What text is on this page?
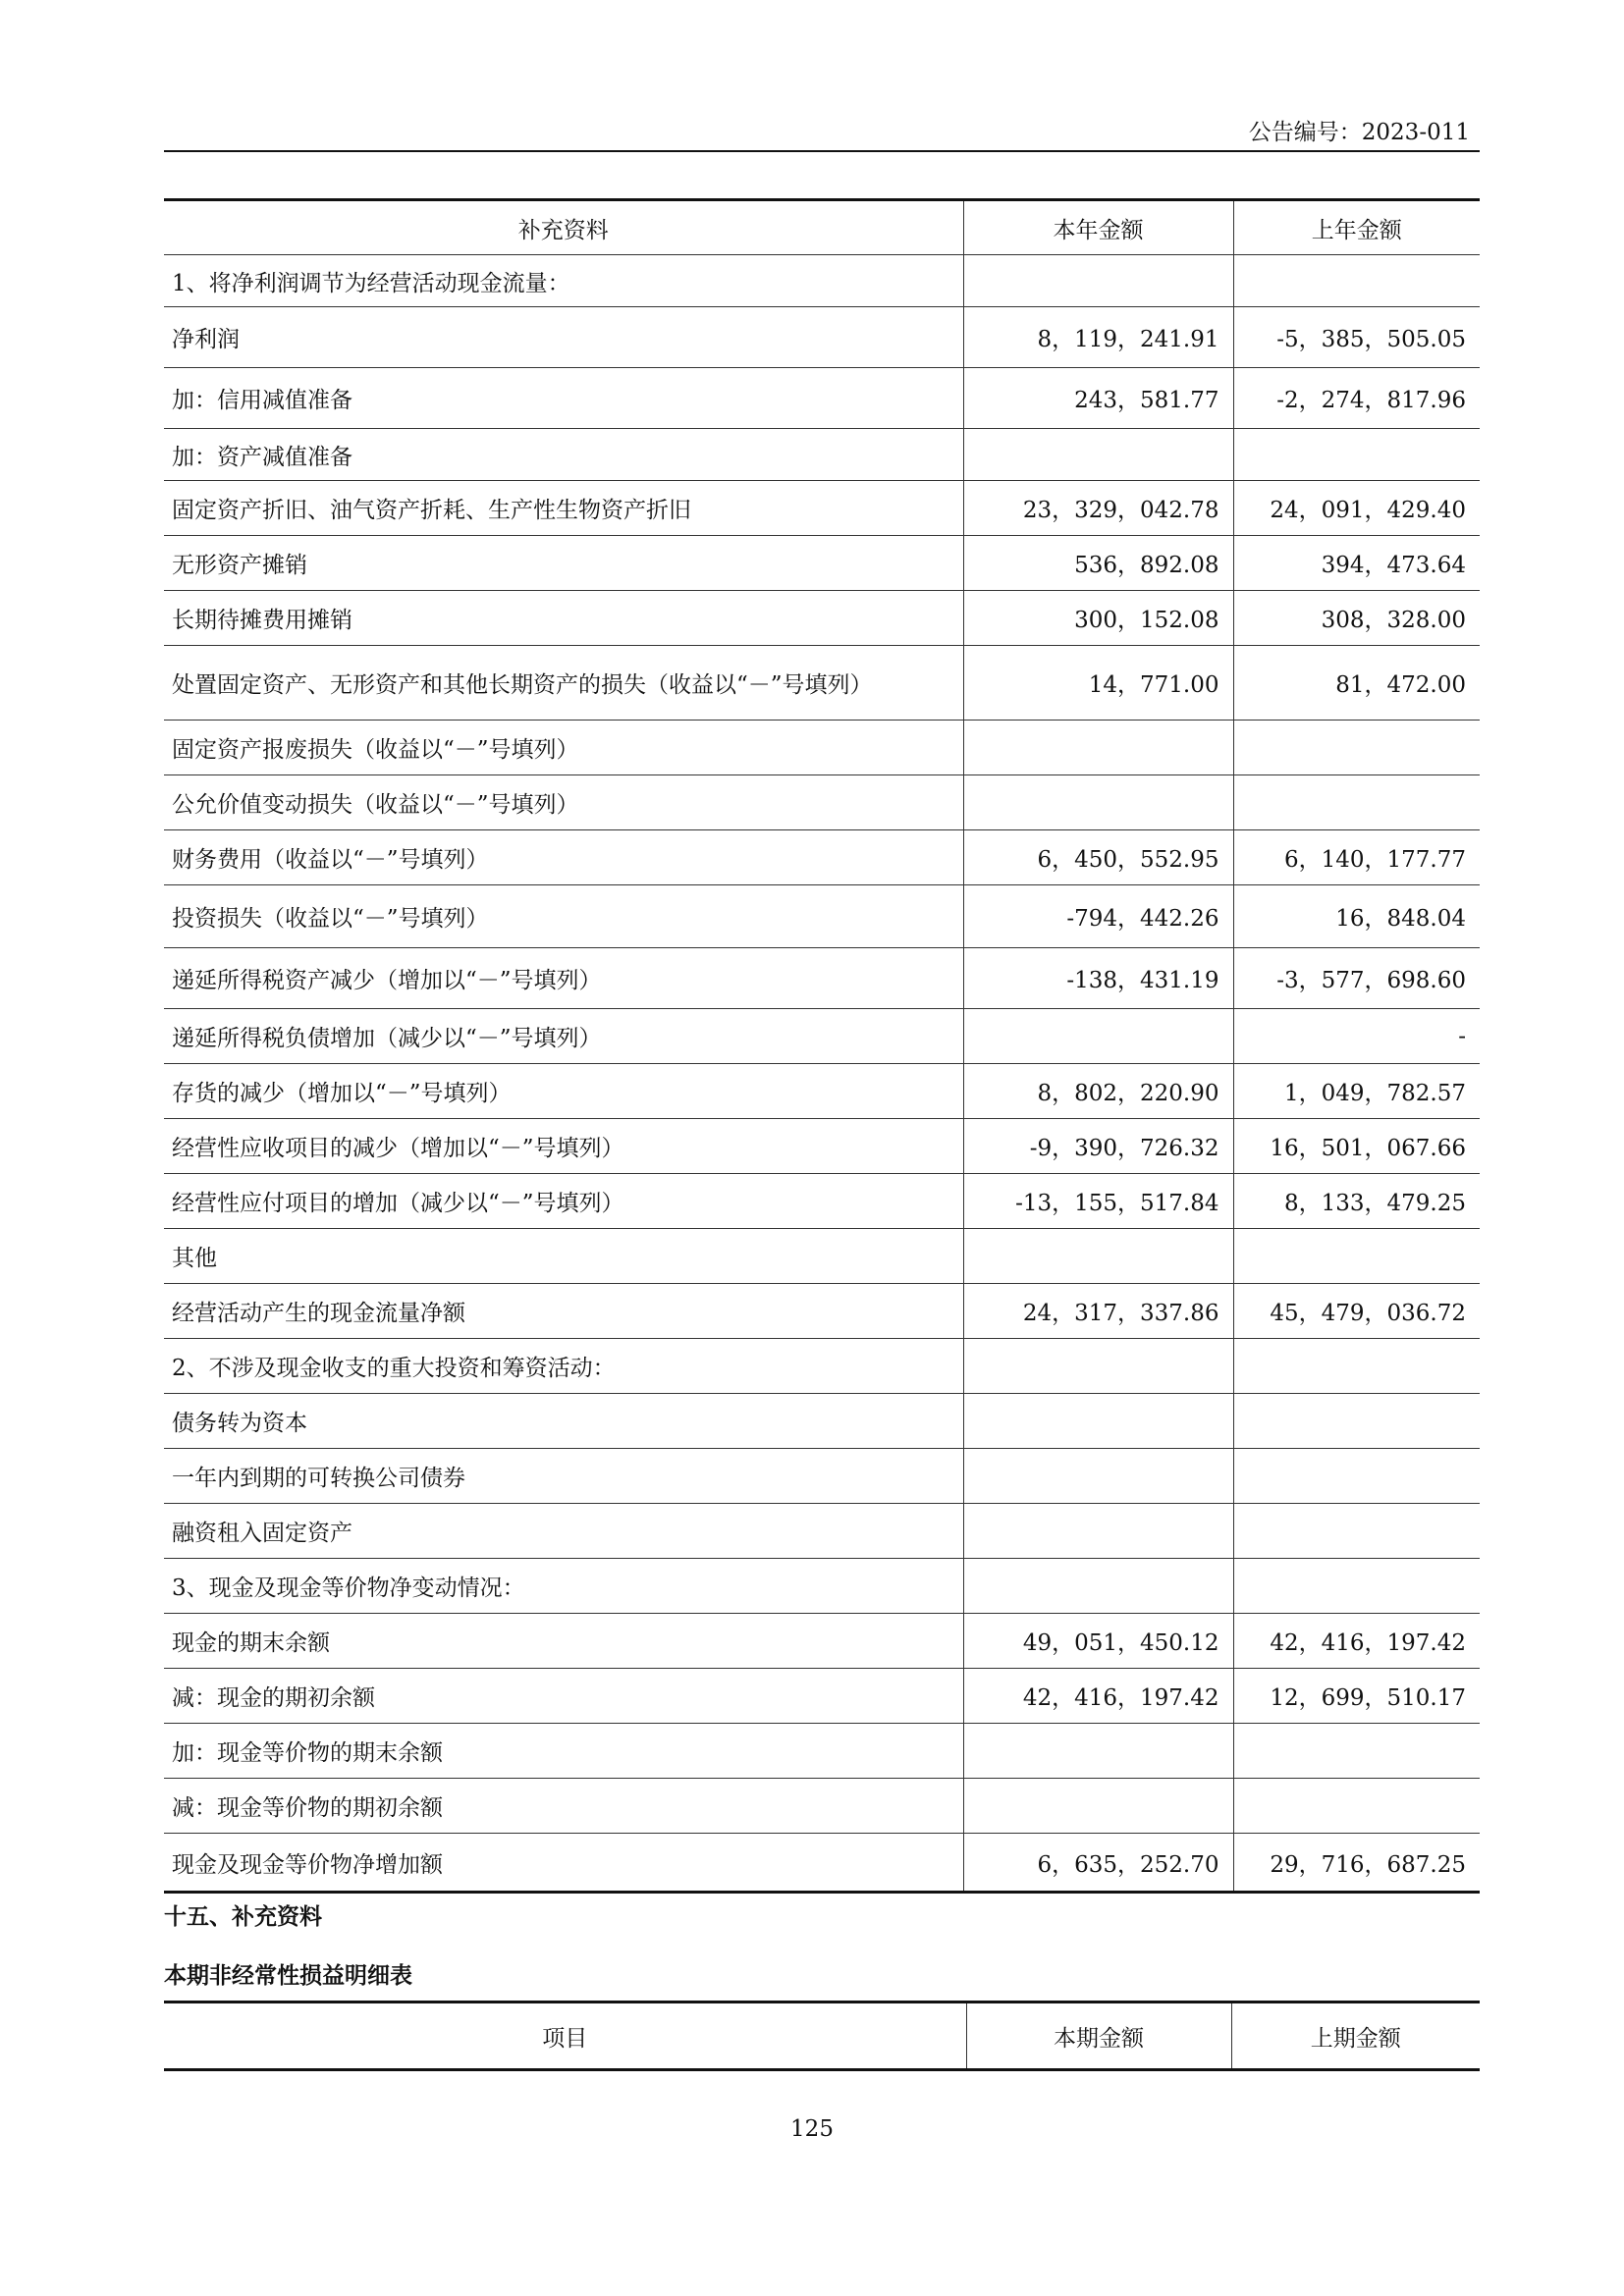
公告编号：2023-011
补充资料	本年金额	上年金额
1、将净利润调节为经营活动现金流量：		
净利润	8，119，241.91	-5，385，505.05
加：信用减值准备	243，581.77	-2，274，817.96
加：资产减值准备		
固定资产折旧、油气资产折耗、生产性生物资产折旧	23，329，042.78	24，091，429.40
无形资产摊销	536，892.08	394，473.64
长期待摊费用摊销	300，152.08	308，328.00
处置固定资产、无形资产和其他长期资产的损失（收益以“－”号填列）	14，771.00	81，472.00
固定资产报废损失（收益以“－”号填列）		
公允价值变动损失（收益以“－”号填列）		
财务费用（收益以“－”号填列）	6，450，552.95	6，140，177.77
投资损失（收益以“－”号填列）	-794，442.26	16，848.04
递延所得税资产减少（增加以“－”号填列）	-138，431.19	-3，577，698.60
递延所得税负债增加（减少以“－”号填列）		-
存货的减少（增加以“－”号填列）	8，802，220.90	1，049，782.57
经营性应收项目的减少（增加以“－”号填列）	-9，390，726.32	16，501，067.66
经营性应付项目的增加（减少以“－”号填列）	-13，155，517.84	8，133，479.25
其他		
经营活动产生的现金流量净额	24，317，337.86	45，479，036.72
2、不涉及现金收支的重大投资和筹资活动：		
债务转为资本		
一年内到期的可转换公司债券		
融资租入固定资产		
3、现金及现金等价物净变动情况：		
现金的期末余额	49，051，450.12	42，416，197.42
减：现金的期初余额	42，416，197.42	12，699，510.17
加：现金等价物的期末余额		
减：现金等价物的期初余额		
现金及现金等价物净增加额	6，635，252.70	29，716，687.25
十五、补充资料
本期非经常性损益明细表
项目	本期金额	上期金额
125
